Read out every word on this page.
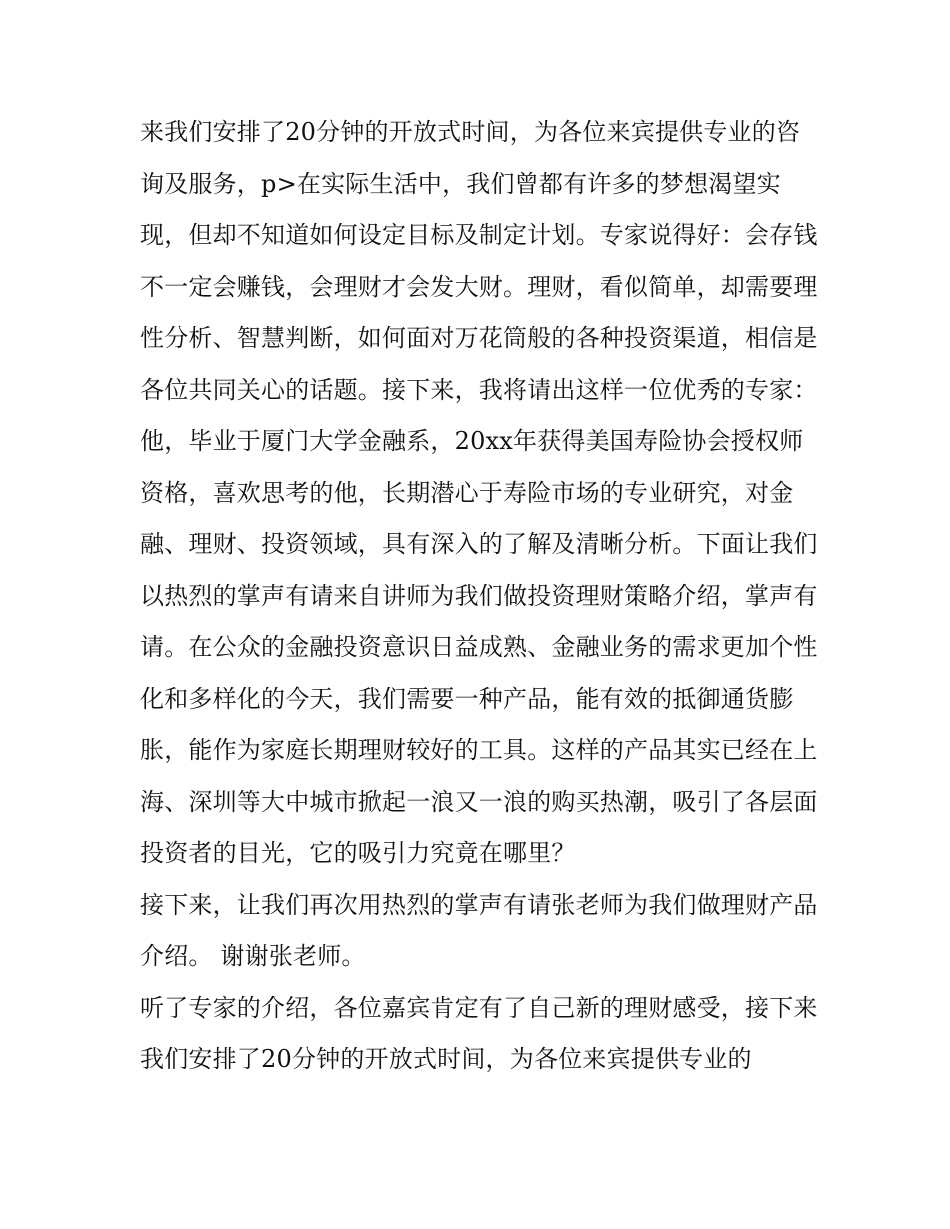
来我们安排了20分钟的开放式时间，为各位来宾提供专业的咨询及服务，p>在实际生活中，我们曾都有许多的梦想渴望实现，但却不知道如何设定目标及制定计划。专家说得好：会存钱不一定会赚钱，会理财才会发大财。理财，看似简单，却需要理性分析、智慧判断，如何面对万花筒般的各种投资渠道，相信是各位共同关心的话题。接下来，我将请出这样一位优秀的专家：

他，毕业于厦门大学金融系，20xx年获得美国寿险协会授权师资格，喜欢思考的他，长期潜心于寿险市场的专业研究，对金融、理财、投资领域，具有深入的了解及清晰分析。下面让我们以热烈的掌声有请来自讲师为我们做投资理财策略介绍，掌声有请。在公众的金融投资意识日益成熟、金融业务的需求更加个性化和多样化的今天，我们需要一种产品，能有效的抵御通货膨胀，能作为家庭长期理财较好的工具。这样的产品其实已经在上海、深圳等大中城市掀起一浪又一浪的购买热潮，吸引了各层面投资者的目光，它的吸引力究竟在哪里？

接下来，让我们再次用热烈的掌声有请张老师为我们做理财产品介绍。 谢谢张老师。

听了专家的介绍，各位嘉宾肯定有了自己新的理财感受，接下来我们安排了20分钟的开放式时间，为各位来宾提供专业的
